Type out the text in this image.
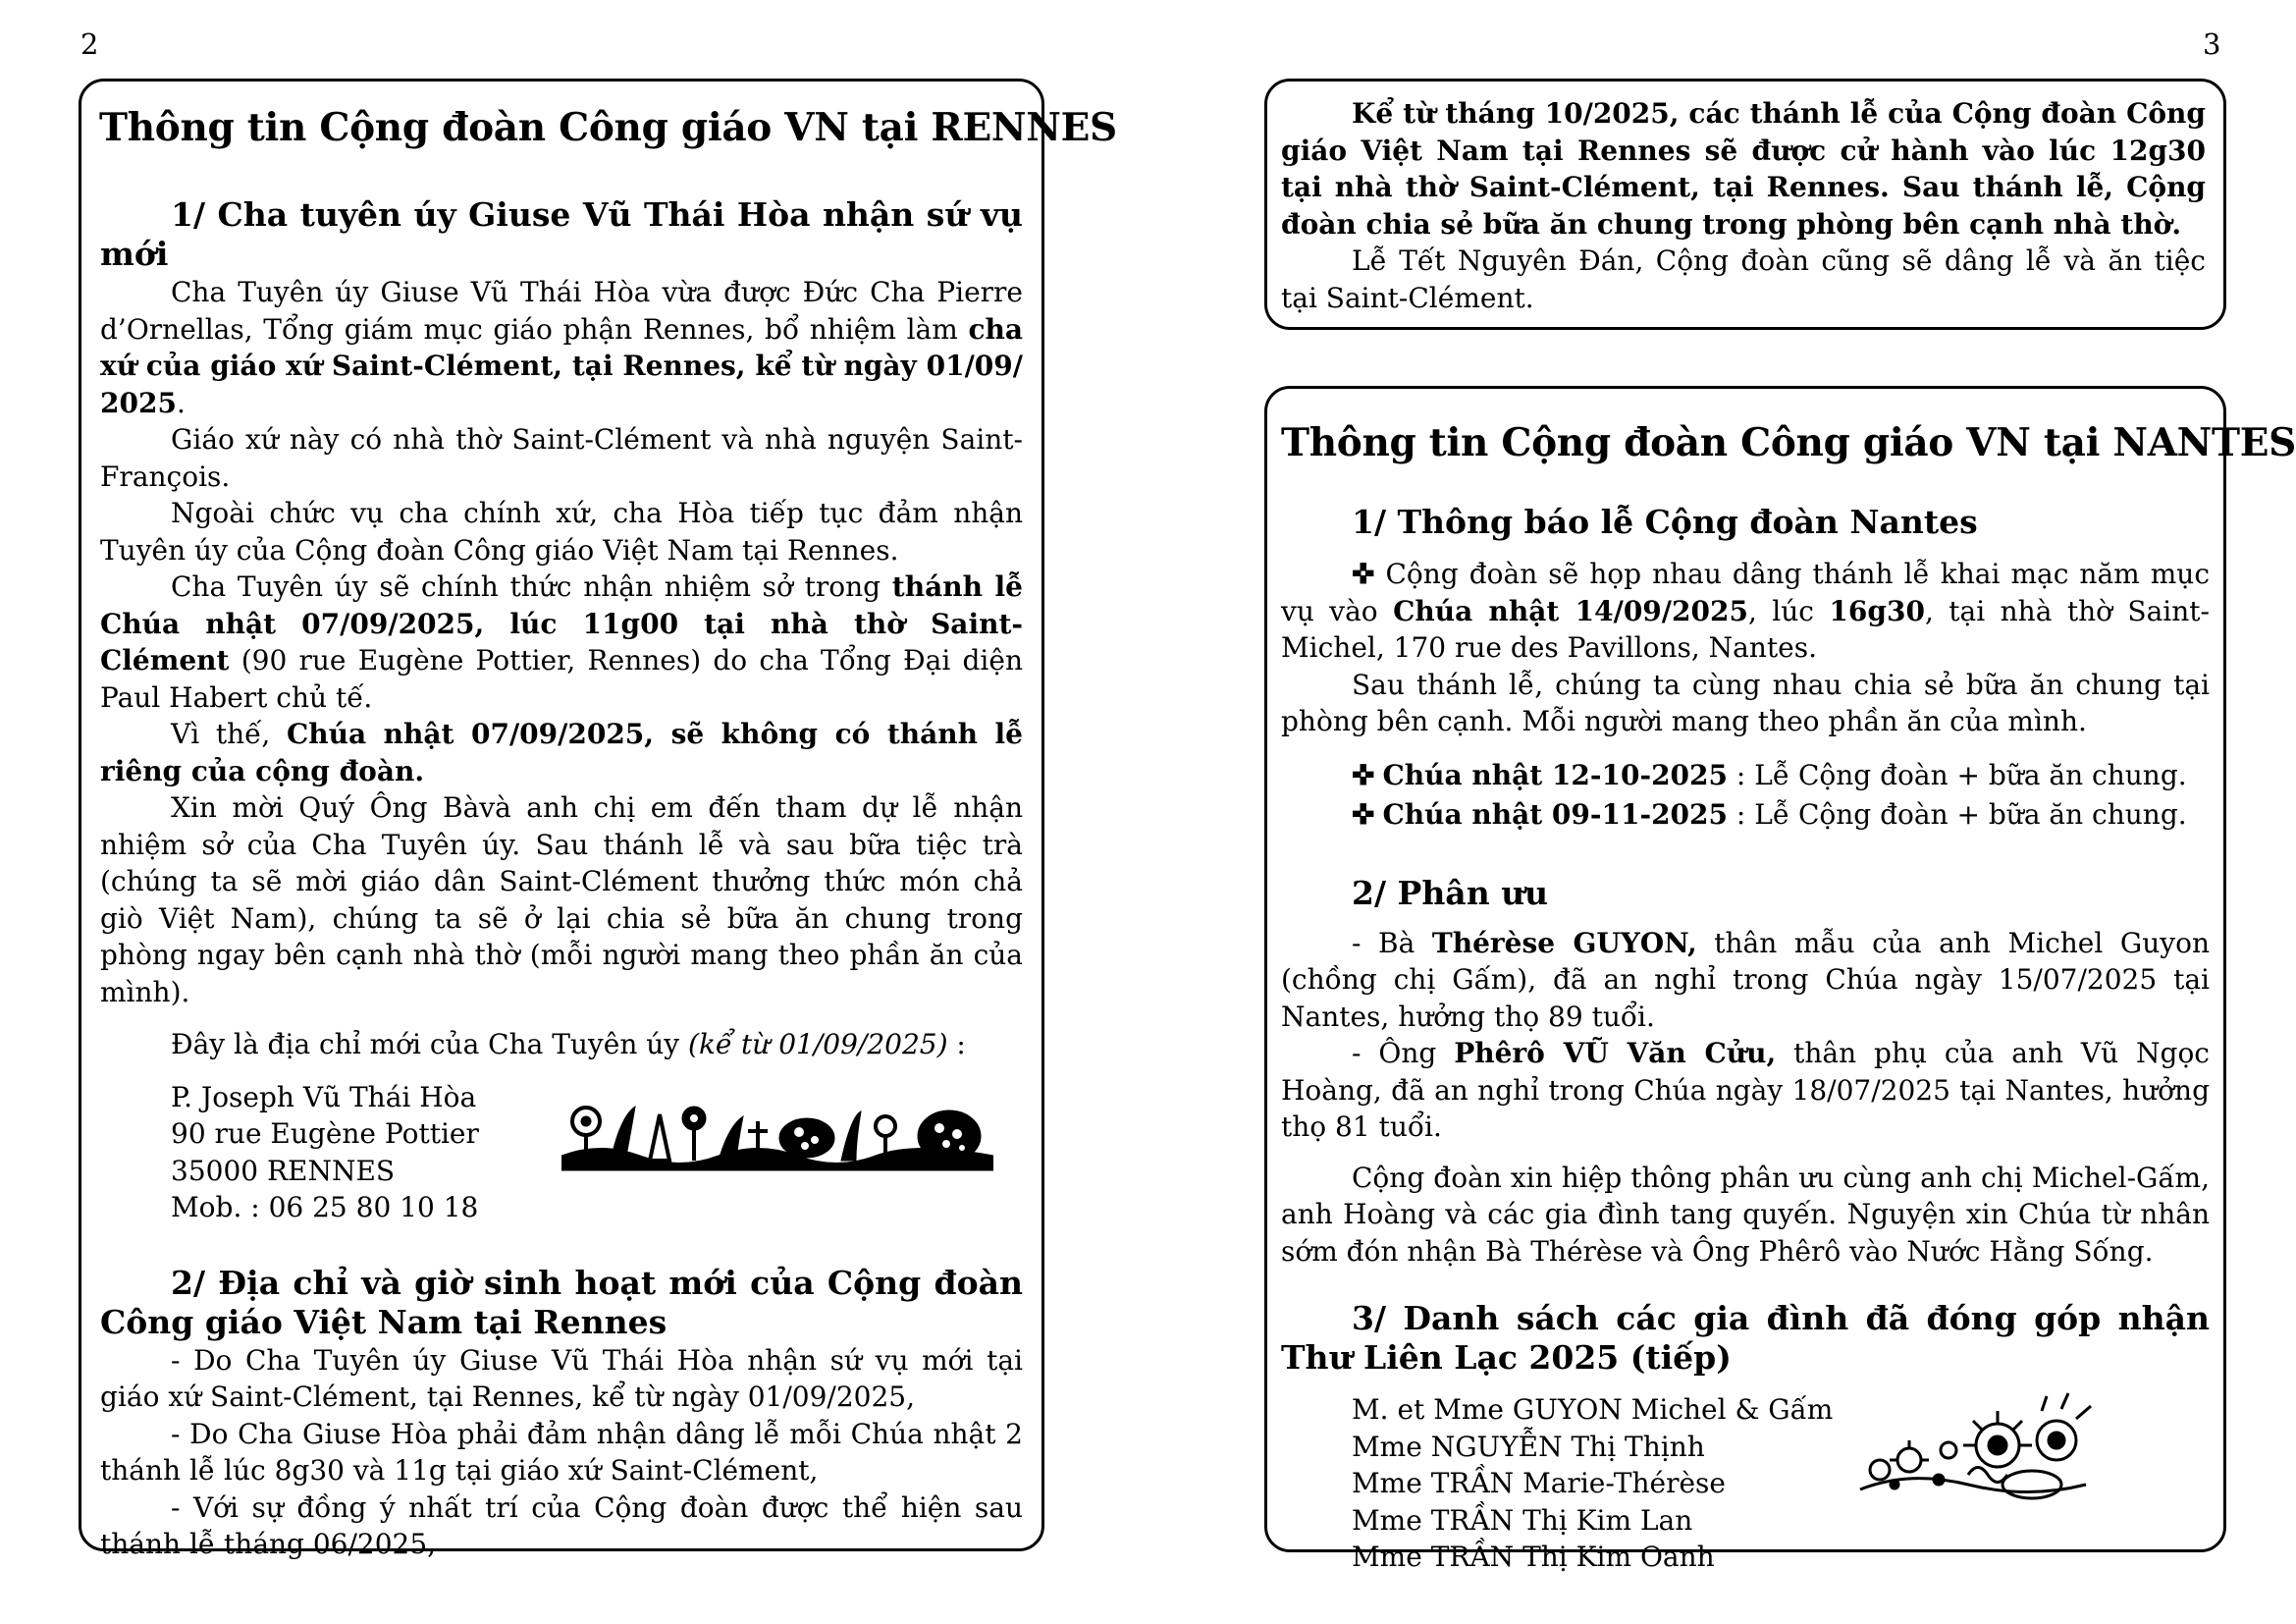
2	3
Thông tin Cộng đoàn Công giáo VN tại RENNES

1/ Cha tuyên úy Giuse Vũ Thái Hòa nhận sứ vụ mới

Cha Tuyên úy Giuse Vũ Thái Hòa vừa được Đức Cha Pierre d’Ornellas, Tổng giám mục giáo phận Rennes, bổ nhiệm làm cha xứ của giáo xứ Saint-Clément, tại Rennes, kể từ ngày 01/09/ 2025.

Giáo xứ này có nhà thờ Saint-Clément và nhà nguyện Saint-François.

Ngoài chức vụ cha chính xứ, cha Hòa tiếp tục đảm nhận Tuyên úy của Cộng đoàn Công giáo Việt Nam tại Rennes.

Cha Tuyên úy sẽ chính thức nhận nhiệm sở trong thánh lễ Chúa nhật 07/09/2025, lúc 11g00 tại nhà thờ Saint-Clément (90 rue Eugène Pottier, Rennes) do cha Tổng Đại diện Paul Habert chủ tế.

Vì thế, Chúa nhật 07/09/2025, sẽ không có thánh lễ riêng của cộng đoàn.

Xin mời Quý Ông Bàvà anh chị em đến tham dự lễ nhận nhiệm sở của Cha Tuyên úy. Sau thánh lễ và sau bữa tiệc trà (chúng ta sẽ mời giáo dân Saint-Clément thưởng thức món chả giò Việt Nam), chúng ta sẽ ở lại chia sẻ bữa ăn chung trong phòng ngay bên cạnh nhà thờ (mỗi người mang theo phần ăn của mình).

Đây là địa chỉ mới của Cha Tuyên úy (kể từ 01/09/2025) :

P. Joseph Vũ Thái Hòa
90 rue Eugène Pottier
35000 RENNES
Mob. : 06 25 80 10 18

2/ Địa chỉ và giờ sinh hoạt mới của Cộng đoàn Công giáo Việt Nam tại Rennes

- Do Cha Tuyên úy Giuse Vũ Thái Hòa nhận sứ vụ mới tại giáo xứ Saint-Clément, tại Rennes, kể từ ngày 01/09/2025,

- Do Cha Giuse Hòa phải đảm nhận dâng lễ mỗi Chúa nhật 2 thánh lễ lúc 8g30 và 11g tại giáo xứ Saint-Clément,

- Với sự đồng ý nhất trí của Cộng đoàn được thể hiện sau thánh lễ tháng 06/2025,

Kể từ tháng 10/2025, các thánh lễ của Cộng đoàn Công giáo Việt Nam tại Rennes sẽ được cử hành vào lúc 12g30 tại nhà thờ Saint-Clément, tại Rennes. Sau thánh lễ, Cộng đoàn chia sẻ bữa ăn chung trong phòng bên cạnh nhà thờ.

Lễ Tết Nguyên Đán, Cộng đoàn cũng sẽ dâng lễ và ăn tiệc tại Saint-Clément.

Thông tin Cộng đoàn Công giáo VN tại NANTES

1/ Thông báo lễ Cộng đoàn Nantes

✜ Cộng đoàn sẽ họp nhau dâng thánh lễ khai mạc năm mục vụ vào Chúa nhật 14/09/2025, lúc 16g30, tại nhà thờ Saint-Michel, 170 rue des Pavillons, Nantes.

Sau thánh lễ, chúng ta cùng nhau chia sẻ bữa ăn chung tại phòng bên cạnh. Mỗi người mang theo phần ăn của mình.

✜ Chúa nhật 12-10-2025 : Lễ Cộng đoàn + bữa ăn chung.
✜ Chúa nhật 09-11-2025 : Lễ Cộng đoàn + bữa ăn chung.

2/ Phân ưu

- Bà Thérèse GUYON, thân mẫu của anh Michel Guyon (chồng chị Gấm), đã an nghỉ trong Chúa ngày 15/07/2025 tại Nantes, hưởng thọ 89 tuổi.

- Ông Phêrô VŨ Văn Cửu, thân phụ của anh Vũ Ngọc Hoàng, đã an nghỉ trong Chúa ngày 18/07/2025 tại Nantes, hưởng thọ 81 tuổi.

Cộng đoàn xin hiệp thông phân ưu cùng anh chị Michel-Gấm, anh Hoàng và các gia đình tang quyến. Nguyện xin Chúa từ nhân sớm đón nhận Bà Thérèse và Ông Phêrô vào Nước Hằng Sống.

3/ Danh sách các gia đình đã đóng góp nhận Thư Liên Lạc 2025 (tiếp)

M. et Mme GUYON Michel & Gấm
Mme NGUYỄN Thị Thịnh
Mme TRẦN Marie-Thérèse
Mme TRẦN Thị Kim Lan
Mme TRẦN Thị Kim Oanh
